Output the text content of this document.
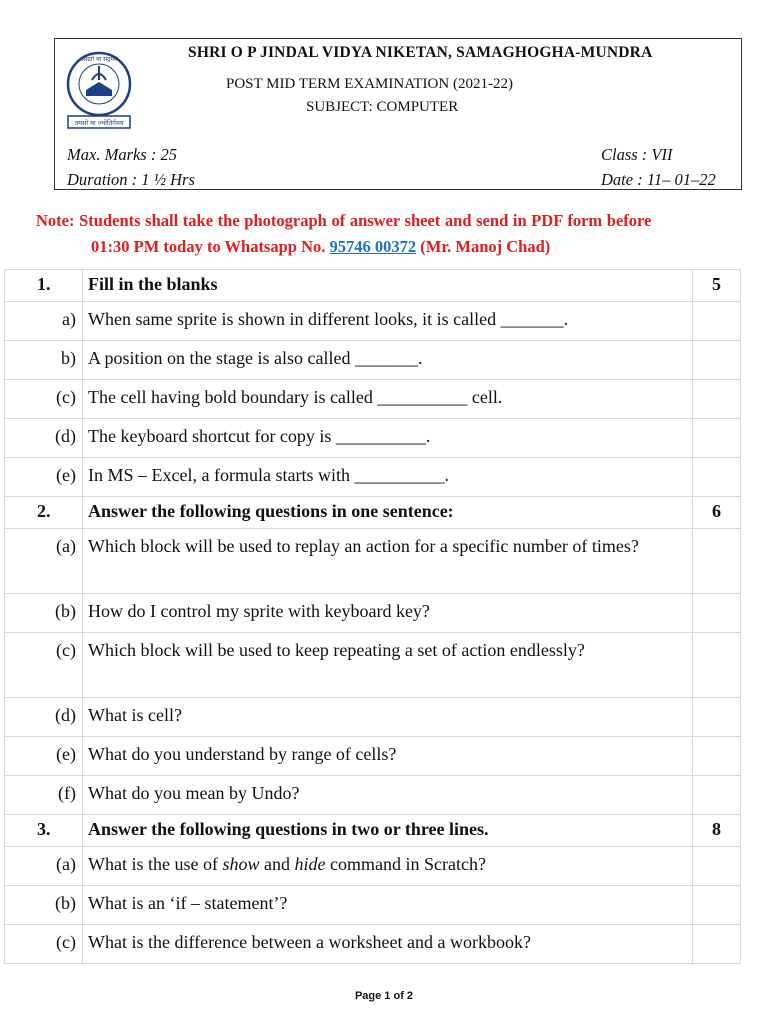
तमसो मा ज्योतिर्गमय
असतो मा सद्गमय	SHRI O P JINDAL VIDYA NIKETAN, SAMAGHOGHA-MUNDRA
POST MID TERM EXAMINATION (2021-22)
SUBJECT: COMPUTER
Max. Marks : 25
Duration : 1 ½ Hrs
Class : VII
Date : 11– 01–22
Note: Students shall take the photograph of answer sheet and send in PDF form before
01:30 PM today to Whatsapp No. 95746 00372 (Mr. Manoj Chad)
1.	Fill in the blanks	5

a)	When same sprite is shown in different looks, it is called _______.	

b)	A position on the stage is also called _______.	

(c)	The cell having bold boundary is called __________ cell.	

(d)	The keyboard shortcut for copy is __________.	

(e)	In MS – Excel, a formula starts with __________.	

2.	Answer the following questions in one sentence:	6

(a)	Which block will be used to replay an action for a specific number of times?	

(b)	How do I control my sprite with keyboard key?	

(c)	Which block will be used to keep repeating a set of action endlessly?	

(d)	What is cell?	

(e)	What do you understand by range of cells?	

(f)	What do you mean by Undo?	

3.	Answer the following questions in two or three lines.	8

(a)	What is the use of show and hide command in Scratch?	

(b)	What is an ‘if – statement’?	

(c)	What is the difference between a worksheet and a workbook?	

Page 1 of 2
